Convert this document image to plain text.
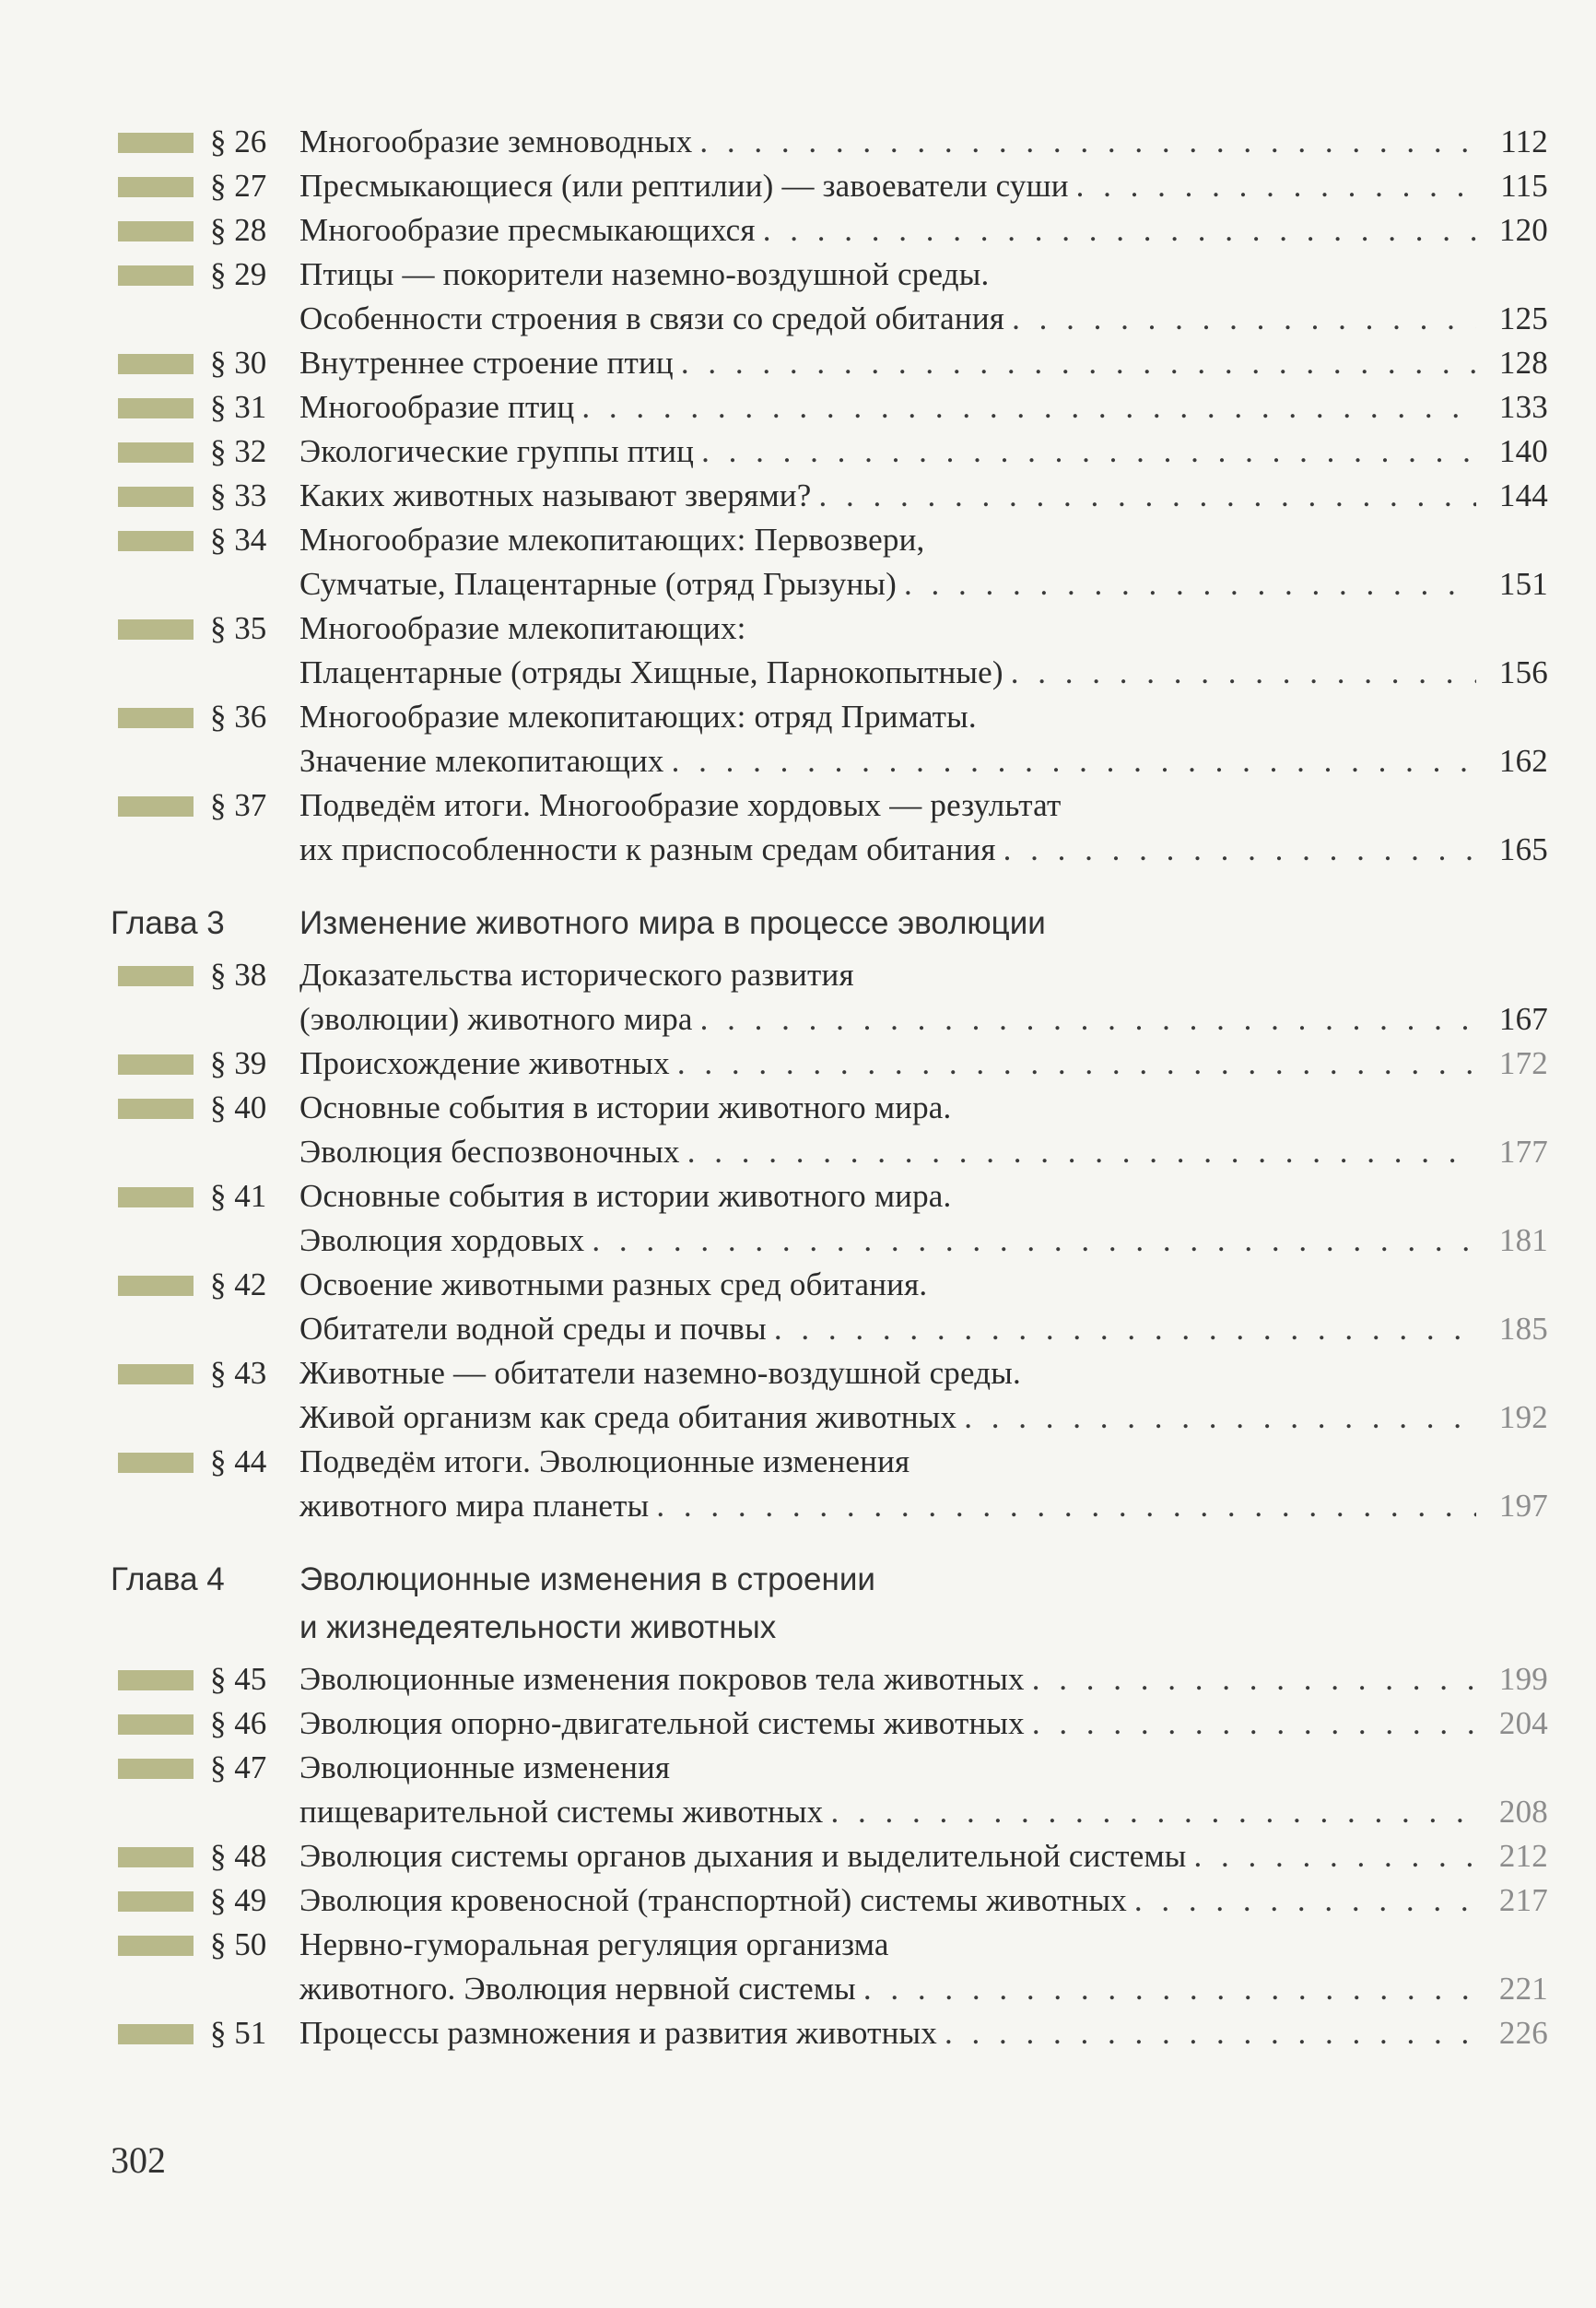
§ 26	Многообразие земноводных . . .	112
§ 27	Пресмыкающиеся (или рептилии) — завоеватели суши . . .	115
§ 28	Многообразие пресмыкающихся . . .	120
§ 29	Птицы — покорители наземно-воздушной среды.
Особенности строения в связи со средой обитания . . .	125
§ 30	Внутреннее строение птиц . . .	128
§ 31	Многообразие птиц . . .	133
§ 32	Экологические группы птиц . . .	140
§ 33	Каких животных называют зверями? . . .	144
§ 34	Многообразие млекопитающих: Первозвери,
Сумчатые, Плацентарные (отряд Грызуны) . . .	151
§ 35	Многообразие млекопитающих:
Плацентарные (отряды Хищные, Парнокопытные) . . .	156
§ 36	Многообразие млекопитающих: отряд Приматы.
Значение млекопитающих . . .	162
§ 37	Подведём итоги. Многообразие хордовых — результат
их приспособленности к разным средам обитания . . .	165
Глава 3 Изменение животного мира в процессе эволюции
§ 38	Доказательства исторического развития
(эволюции) животного мира . . .	167
§ 39	Происхождение животных . . .	172
§ 40	Основные события в истории животного мира.
Эволюция беспозвоночных . . .	177
§ 41	Основные события в истории животного мира.
Эволюция хордовых . . .	181
§ 42	Освоение животными разных сред обитания.
Обитатели водной среды и почвы . . .	185
§ 43	Животные — обитатели наземно-воздушной среды.
Живой организм как среда обитания животных . . .	192
§ 44	Подведём итоги. Эволюционные изменения
животного мира планеты . . .	197
Глава 4 Эволюционные изменения в строении
и жизнедеятельности животных
§ 45	Эволюционные изменения покровов тела животных . . .	199
§ 46	Эволюция опорно-двигательной системы животных . . .	204
§ 47	Эволюционные изменения
пищеварительной системы животных . . .	208
§ 48	Эволюция системы органов дыхания и выделительной системы . . .	212
§ 49	Эволюция кровеносной (транспортной) системы животных . . .	217
§ 50	Нервно-гуморальная регуляция организма
животного. Эволюция нервной системы . . .	221
§ 51	Процессы размножения и развития животных . . .	226
302
